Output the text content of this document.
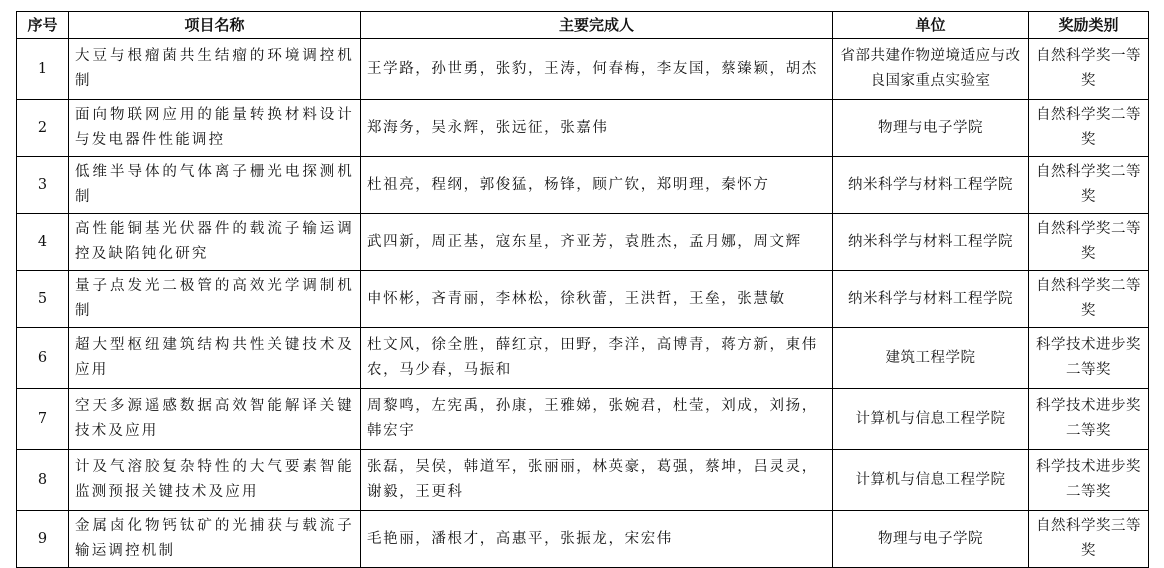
序号	项目名称	主要完成人	单位	奖励类别
1	大豆与根瘤菌共生结瘤的环境调控机制	王学路，孙世勇，张豹，王涛，何春梅，李友国，蔡臻颖，胡杰	省部共建作物逆境适应与改良国家重点实验室	自然科学奖一等奖
2	面向物联网应用的能量转换材料设计与发电器件性能调控	郑海务，吴永辉，张远征，张嘉伟	物理与电子学院	自然科学奖二等奖
3	低维半导体的气体离子栅光电探测机制	杜祖亮，程纲，郭俊猛，杨锋，顾广钦，郑明理，秦怀方	纳米科学与材料工程学院	自然科学奖二等奖
4	高性能铜基光伏器件的载流子输运调控及缺陷钝化研究	武四新，周正基，寇东星，齐亚芳，袁胜杰，孟月娜，周文辉	纳米科学与材料工程学院	自然科学奖二等奖
5	量子点发光二极管的高效光学调制机制	申怀彬，吝青丽，李林松，徐秋蕾，王洪哲，王垒，张慧敏	纳米科学与材料工程学院	自然科学奖二等奖
6	超大型枢纽建筑结构共性关键技术及应用	杜文风，徐全胜，薛红京，田野，李洋，高博青，蒋方新，東伟农，马少春，马振和	建筑工程学院	科学技术进步奖二等奖
7	空天多源遥感数据高效智能解译关键技术及应用	周黎鸣，左宪禹，孙康，王雅娣，张婉君，杜莹，刘成，刘扬，韩宏宇	计算机与信息工程学院	科学技术进步奖二等奖
8	计及气溶胶复杂特性的大气要素智能监测预报关键技术及应用	张磊，吴侯，韩道军，张丽丽，林英豪，葛强，蔡坤，吕灵灵，谢毅，王更科	计算机与信息工程学院	科学技术进步奖二等奖
9	金属卤化物钙钛矿的光捕获与载流子输运调控机制	毛艳丽，潘根才，高惠平，张振龙，宋宏伟	物理与电子学院	自然科学奖三等奖
